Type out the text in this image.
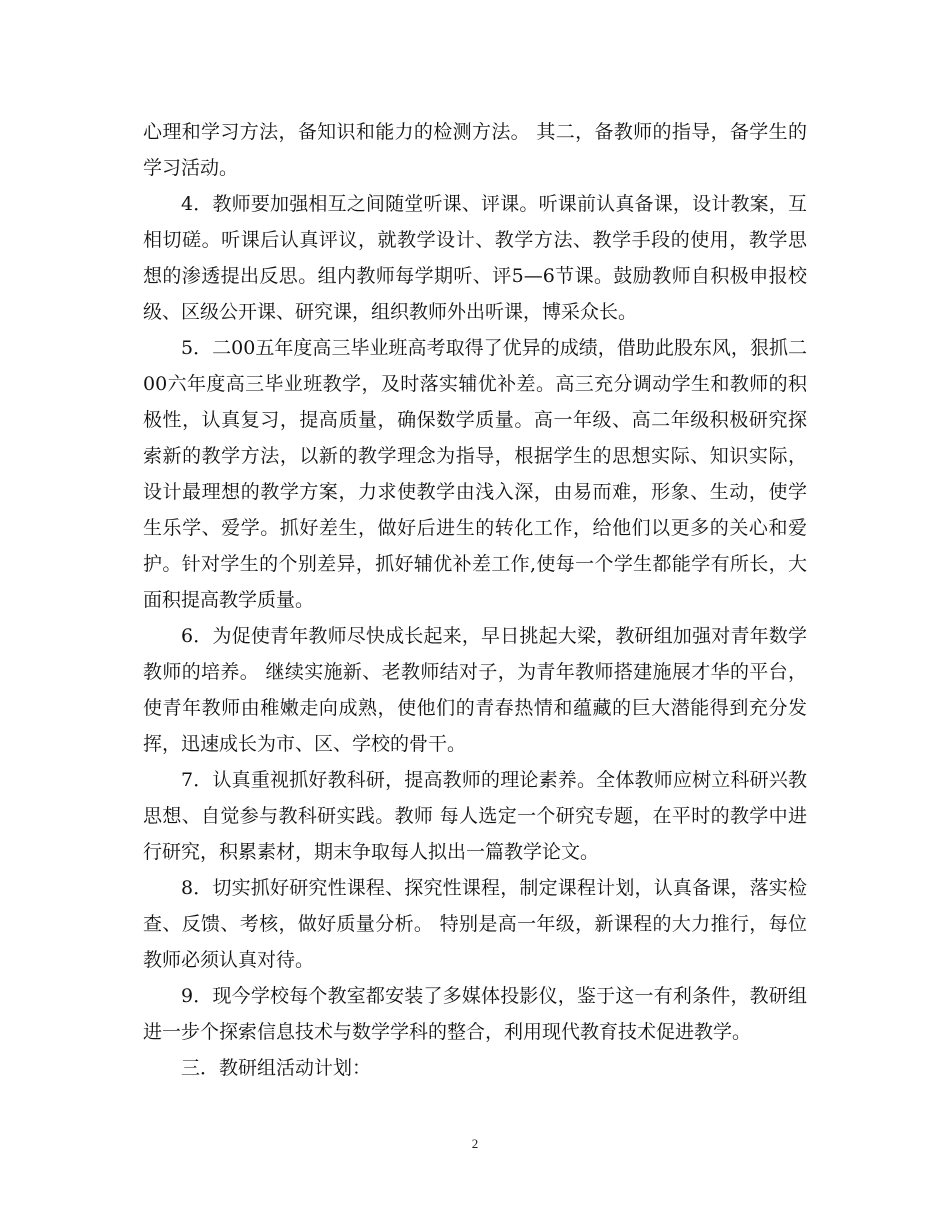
心理和学习方法，备知识和能力的检测方法。 其二，备教师的指导，备学生的学习活动。

4．教师要加强相互之间随堂听课、评课。听课前认真备课，设计教案，互相切磋。听课后认真评议，就教学设计、教学方法、教学手段的使用，教学思想的渗透提出反思。组内教师每学期听、评5—6节课。鼓励教师自积极申报校级、区级公开课、研究课，组织教师外出听课，博采众长。

5．二00五年度高三毕业班高考取得了优异的成绩，借助此股东风，狠抓二00六年度高三毕业班教学，及时落实辅优补差。高三充分调动学生和教师的积极性，认真复习，提高质量，确保数学质量。高一年级、高二年级积极研究探索新的教学方法，以新的教学理念为指导，根据学生的思想实际、知识实际，设计最理想的教学方案，力求使教学由浅入深，由易而难，形象、生动，使学生乐学、爱学。抓好差生，做好后进生的转化工作，给他们以更多的关心和爱护。针对学生的个别差异，抓好辅优补差工作,使每一个学生都能学有所长，大面积提高教学质量。

6．为促使青年教师尽快成长起来，早日挑起大梁，教研组加强对青年数学教师的培养。 继续实施新、老教师结对子，为青年教师搭建施展才华的平台，使青年教师由稚嫩走向成熟，使他们的青春热情和蕴藏的巨大潜能得到充分发挥，迅速成长为市、区、学校的骨干。

7．认真重视抓好教科研，提高教师的理论素养。全体教师应树立科研兴教思想、自觉参与教科研实践。教师 每人选定一个研究专题，在平时的教学中进行研究，积累素材，期末争取每人拟出一篇教学论文。

8．切实抓好研究性课程、探究性课程，制定课程计划，认真备课，落实检查、反馈、考核，做好质量分析。 特别是高一年级，新课程的大力推行，每位教师必须认真对待。

9．现今学校每个教室都安装了多媒体投影仪，鉴于这一有利条件，教研组进一步个探索信息技术与数学学科的整合，利用现代教育技术促进教学。

三．教研组活动计划：

2
